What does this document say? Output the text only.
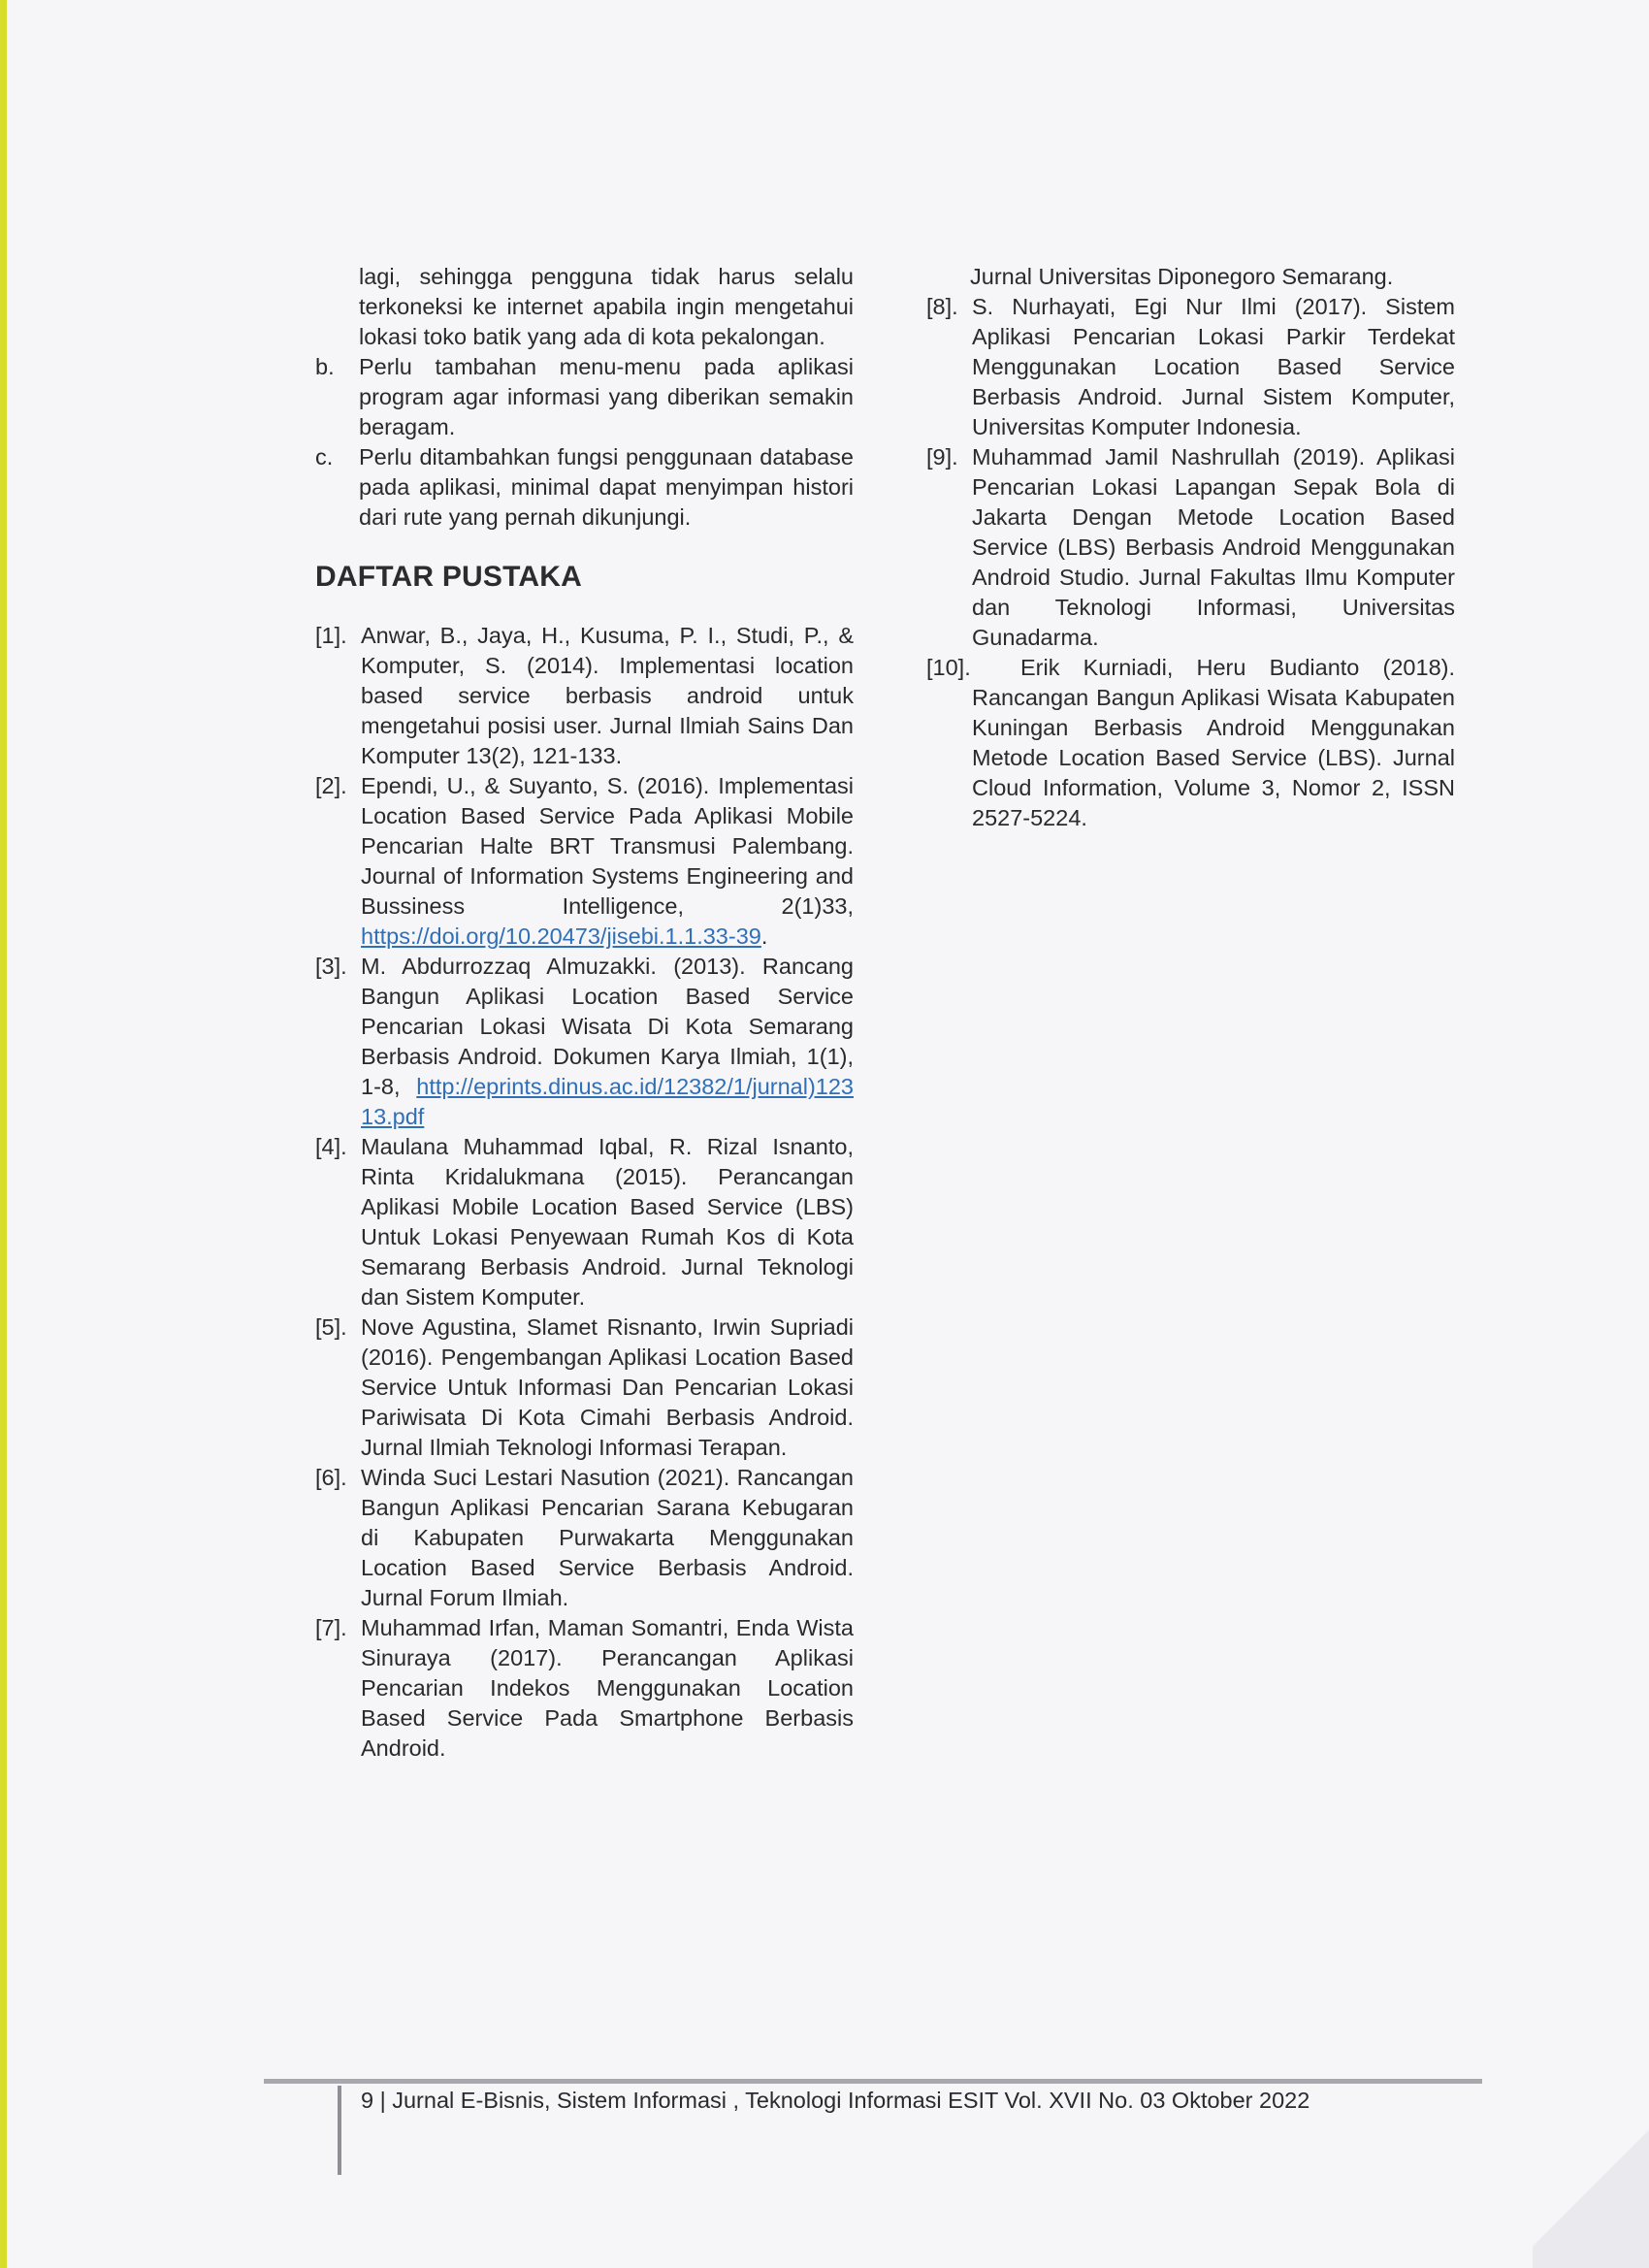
lagi, sehingga pengguna tidak harus selalu terkoneksi ke internet apabila ingin mengetahui lokasi toko batik yang ada di kota pekalongan.

b.	Perlu tambahan menu-menu pada aplikasi program agar informasi yang diberikan semakin beragam.
c.	Perlu ditambahkan fungsi penggunaan database pada aplikasi, minimal dapat menyimpan histori dari rute yang pernah dikunjungi.
DAFTAR PUSTAKA
[1]. Anwar, B., Jaya, H., Kusuma, P. I., Studi, P., & Komputer, S. (2014). Implementasi location based service berbasis android untuk mengetahui posisi user. Jurnal Ilmiah Sains Dan Komputer 13(2), 121-133.
[2]. Ependi, U., & Suyanto, S. (2016). Implementasi Location Based Service Pada Aplikasi Mobile Pencarian Halte BRT Transmusi Palembang. Journal of Information Systems Engineering and Bussiness Intelligence, 2(1)33, https://doi.org/10.20473/jisebi.1.1.33-39.
[3]. M. Abdurrozzaq Almuzakki. (2013). Rancang Bangun Aplikasi Location Based Service Pencarian Lokasi Wisata Di Kota Semarang Berbasis Android. Dokumen Karya Ilmiah, 1(1), 1-8, http://eprints.dinus.ac.id/12382/1/jurnal)12313.pdf
[4]. Maulana Muhammad Iqbal, R. Rizal Isnanto, Rinta Kridalukmana (2015). Perancangan Aplikasi Mobile Location Based Service (LBS) Untuk Lokasi Penyewaan Rumah Kos di Kota Semarang Berbasis Android. Jurnal Teknologi dan Sistem Komputer.
[5]. Nove Agustina, Slamet Risnanto, Irwin Supriadi (2016). Pengembangan Aplikasi Location Based Service Untuk Informasi Dan Pencarian Lokasi Pariwisata Di Kota Cimahi Berbasis Android. Jurnal Ilmiah Teknologi Informasi Terapan.
[6]. Winda Suci Lestari Nasution (2021). Rancangan Bangun Aplikasi Pencarian Sarana Kebugaran di Kabupaten Purwakarta Menggunakan Location Based Service Berbasis Android. Jurnal Forum Ilmiah.
[7]. Muhammad Irfan, Maman Somantri, Enda Wista Sinuraya (2017). Perancangan Aplikasi Pencarian Indekos Menggunakan Location Based Service Pada Smartphone Berbasis Android.

Jurnal Universitas Diponegoro Semarang.

[8]. S. Nurhayati, Egi Nur Ilmi (2017). Sistem Aplikasi Pencarian Lokasi Parkir Terdekat Menggunakan Location Based Service Berbasis Android. Jurnal Sistem Komputer, Universitas Komputer Indonesia.
[9]. Muhammad Jamil Nashrullah (2019). Aplikasi Pencarian Lokasi Lapangan Sepak Bola di Jakarta Dengan Metode Location Based Service (LBS) Berbasis Android Menggunakan Android Studio. Jurnal Fakultas Ilmu Komputer dan Teknologi Informasi, Universitas Gunadarma.
[10].	Erik Kurniadi, Heru Budianto (2018). Rancangan Bangun Aplikasi Wisata Kabupaten Kuningan Berbasis Android Menggunakan Metode Location Based Service (LBS). Jurnal Cloud Information, Volume 3, Nomor 2, ISSN 2527-5224.
9 | Jurnal E-Bisnis, Sistem Informasi , Teknologi Informasi ESIT Vol. XVII No. 03 Oktober 2022
